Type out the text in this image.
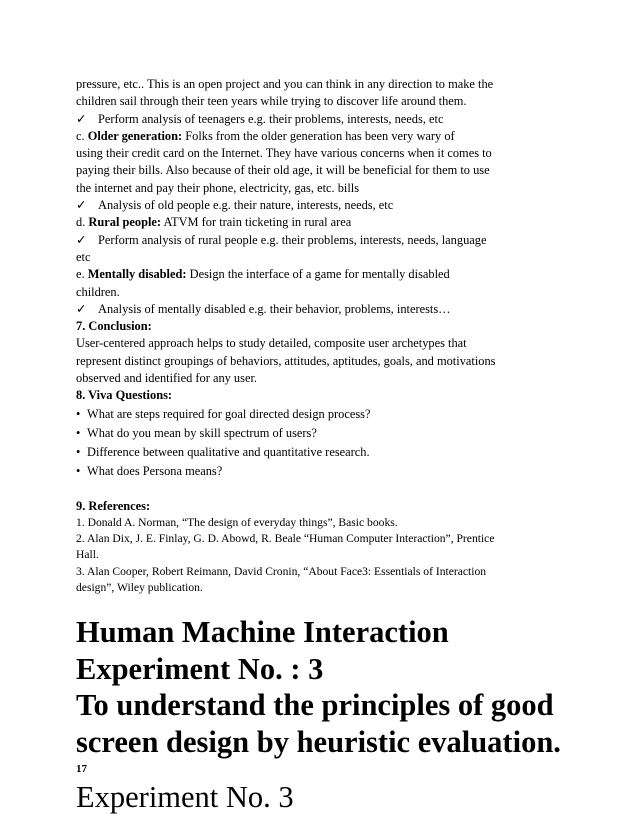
pressure, etc.. This is an open project and you can think in any direction to make the
children sail through their teen years while trying to discover life around them.
✓ Perform analysis of teenagers e.g. their problems, interests, needs, etc
c. Older generation: Folks from the older generation has been very wary of
using their credit card on the Internet. They have various concerns when it comes to
paying their bills. Also because of their old age, it will be beneficial for them to use
the internet and pay their phone, electricity, gas, etc. bills
✓ Analysis of old people e.g. their nature, interests, needs, etc
d. Rural people: ATVM for train ticketing in rural area
✓ Perform analysis of rural people e.g. their problems, interests, needs, language
etc
e. Mentally disabled: Design the interface of a game for mentally disabled
children.
✓ Analysis of mentally disabled e.g. their behavior, problems, interests…
7. Conclusion:
User-centered approach helps to study detailed, composite user archetypes that
represent distinct groupings of behaviors, attitudes, aptitudes, goals, and motivations
observed and identified for any user.
8. Viva Questions:
• What are steps required for goal directed design process?
• What do you mean by skill spectrum of users?
• Difference between qualitative and quantitative research.
• What does Persona means?
9. References:
1. Donald A. Norman, “The design of everyday things”, Basic books.
2. Alan Dix, J. E. Finlay, G. D. Abowd, R. Beale “Human Computer Interaction”, Prentice
Hall.
3. Alan Cooper, Robert Reimann, David Cronin, “About Face3: Essentials of Interaction
design”, Wiley publication.
Human Machine Interaction
Experiment No. : 3
To understand the principles of good
screen design by heuristic evaluation.
17
Experiment No. 3
